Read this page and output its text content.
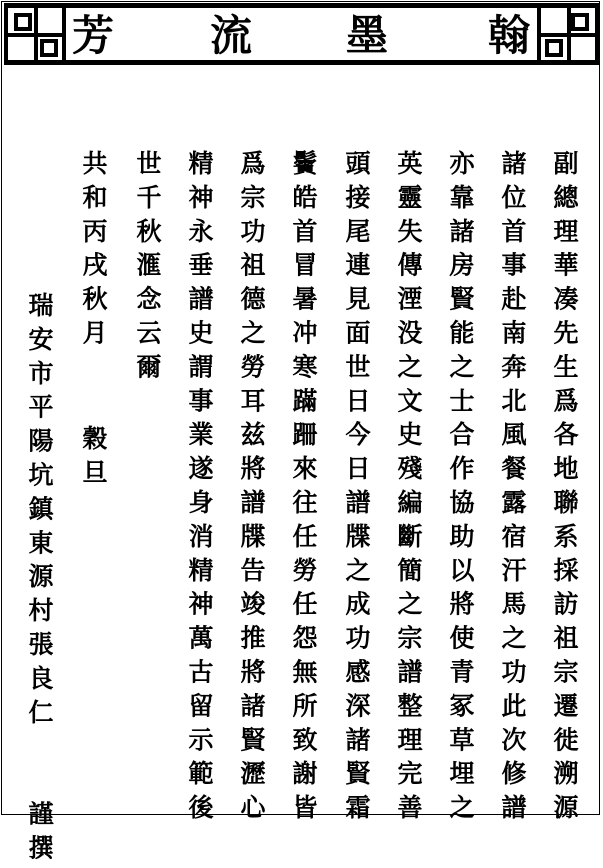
翰
墨
流
芳
副總理華凑先生爲各地聯系採訪祖宗遷徙溯源
諸位首事赴南奔北風餐露宿汗馬之功此次修譜
亦靠諸房賢能之士合作協助以將使青冢草埋之
英靈失傳湮没之文史殘編斷簡之宗譜整理完善
頭接尾連見面世日今日譜牒之成功感深諸賢霜
鬢皓首冒暑冲寒蹣跚來往任勞任怨無所致謝皆
爲宗功祖德之勞耳兹將譜牒告竣推將諸賢瀝心
精神永垂譜史謂事業遂身消精神萬古留示範後
世千秋滙念云爾
共和丙戌秋月　 穀旦
瑞安市平陽坑鎮東源村張良仁　　謹撰
